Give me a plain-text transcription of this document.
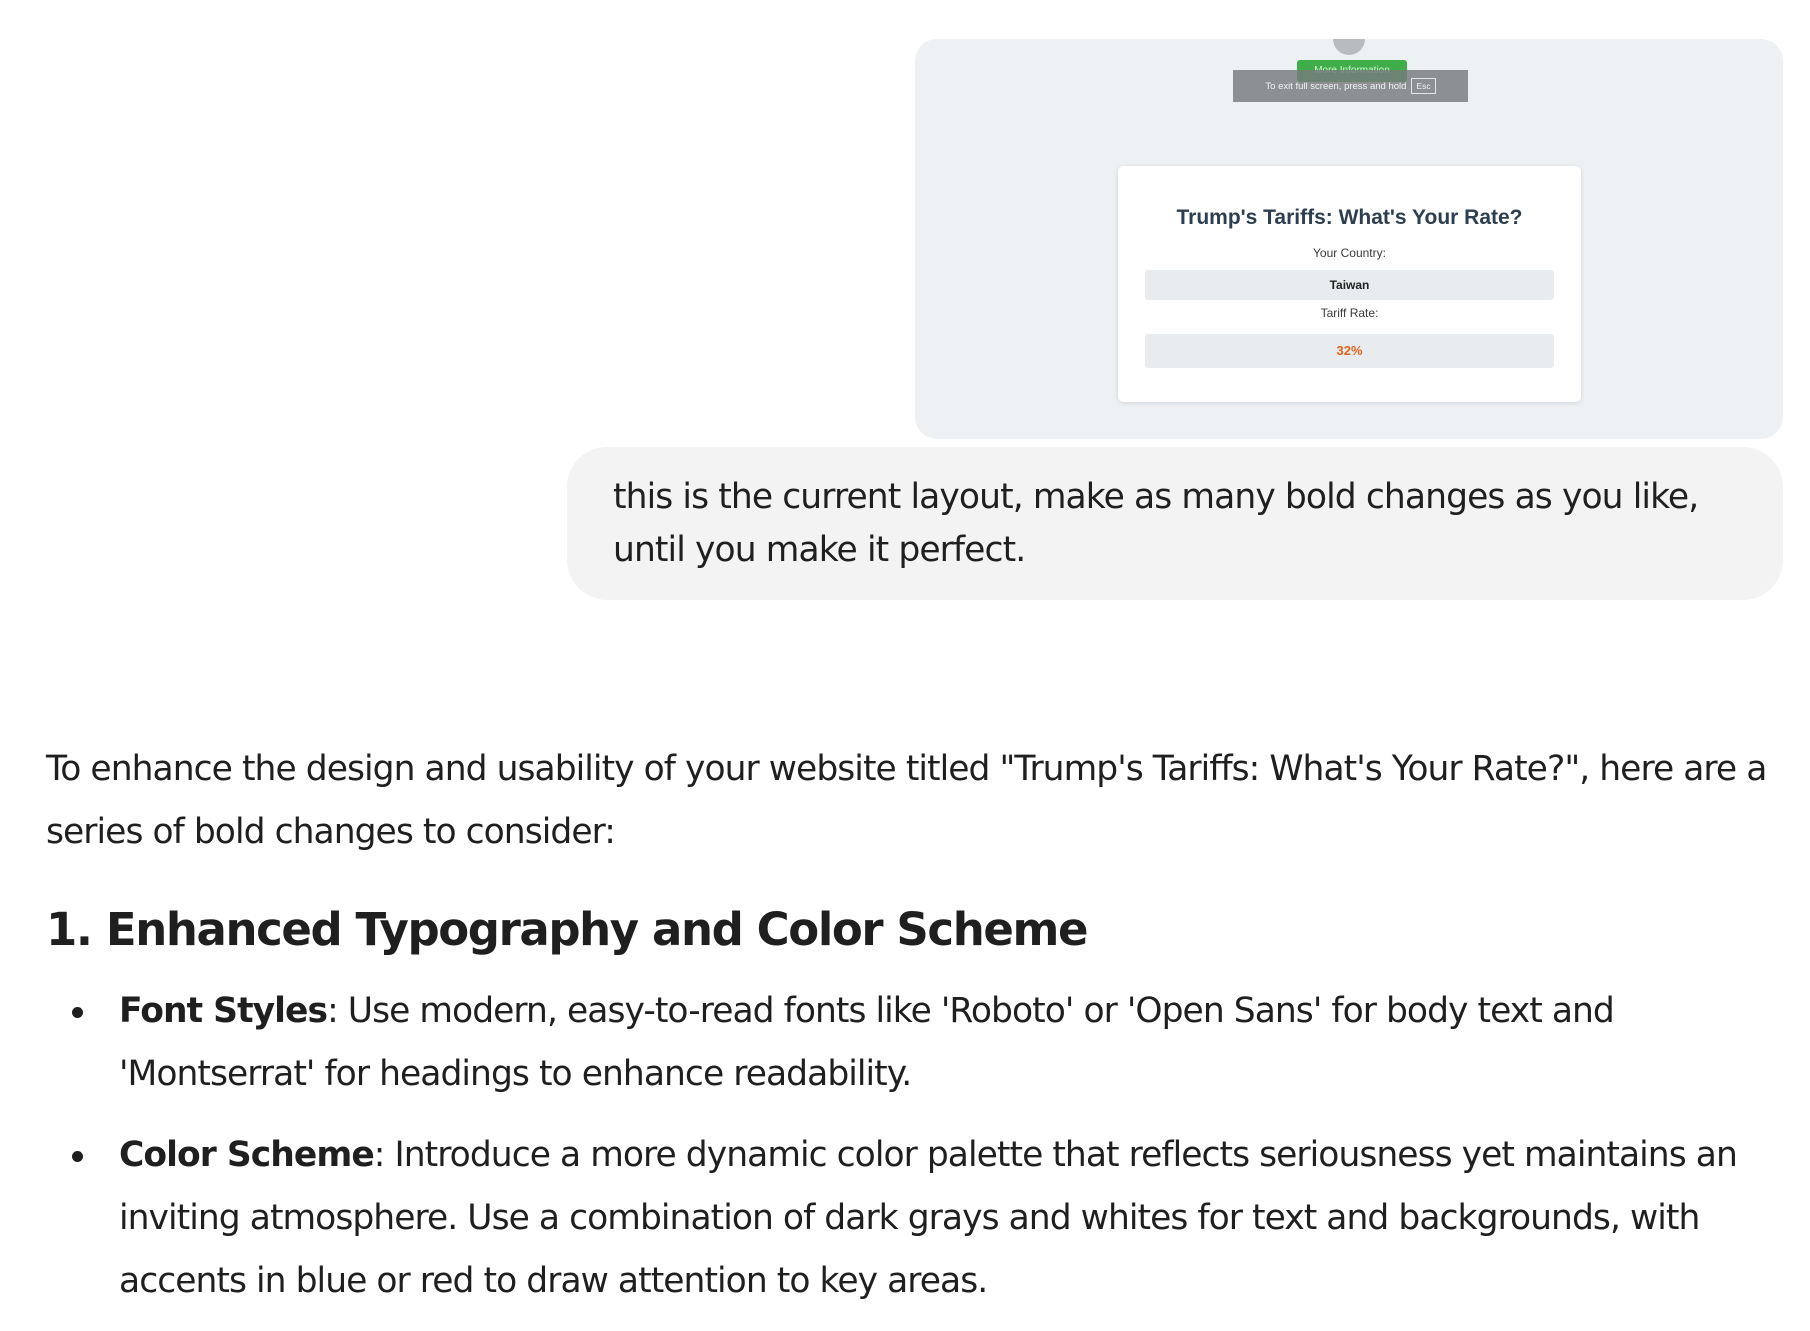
To exit full screen, press and hold	Esc
Trump's Tariffs: What's Your Rate?
Your Country:
Taiwan
Tariff Rate:
32%
this is the current layout, make as many bold changes as you like, until you make it perfect.

To enhance the design and usability of your website titled "Trump's Tariffs: What's Your Rate?", here are a series of bold changes to consider:

1. Enhanced Typography and Color Scheme
Font Styles: Use modern, easy-to-read fonts like 'Roboto' or 'Open Sans' for body text and 'Montserrat' for headings to enhance readability.
Color Scheme: Introduce a more dynamic color palette that reflects seriousness yet maintains an inviting atmosphere. Use a combination of dark grays and whites for text and backgrounds, with accents in blue or red to draw attention to key areas.
